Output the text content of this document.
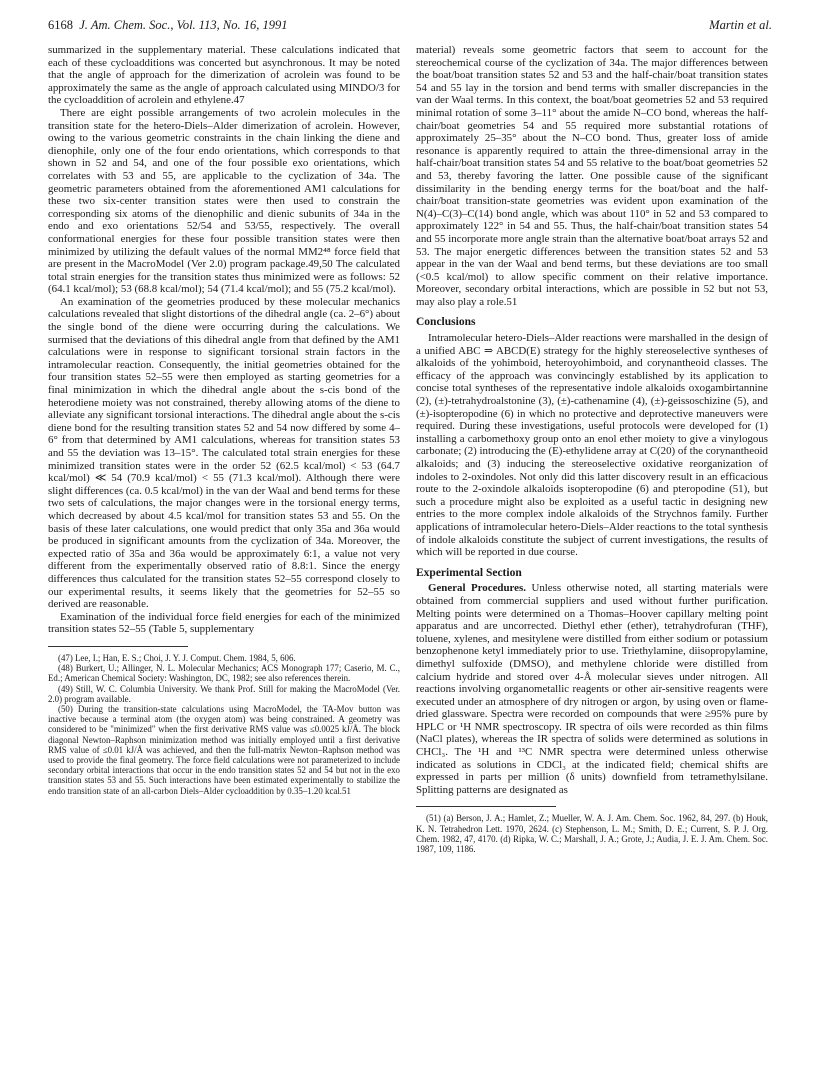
6168 J. Am. Chem. Soc., Vol. 113, No. 16, 1991	Martin et al.

summarized in the supplementary material. These calculations indicated that each of these cycloadditions was concerted but asynchronous. It may be noted that the angle of approach for the dimerization of acrolein was found to be approximately the same as the angle of approach calculated using MINDO/3 for the cycloaddition of acrolein and ethylene.47

There are eight possible arrangements of two acrolein molecules in the transition state for the hetero-Diels–Alder dimerization of acrolein. However, owing to the various geometric constraints in the chain linking the diene and dienophile, only one of the four endo orientations, which corresponds to that shown in 52 and 54, and one of the four possible exo orientations, which correlates with 53 and 55, are applicable to the cyclization of 34a. The geometric parameters obtained from the aforementioned AM1 calculations for these two six-center transition states were then used to constrain the corresponding six atoms of the dienophilic and dienic subunits of 34a in the endo and exo orientations 52/54 and 53/55, respectively. The overall conformational energies for these four possible transition states were then minimized by utilizing the default values of the normal MM2⁴⁸ force field that are present in the MacroModel (Ver 2.0) program package.49,50 The calculated total strain energies for the transition states thus minimized were as follows: 52 (64.1 kcal/mol); 53 (68.8 kcal/mol); 54 (71.4 kcal/mol); and 55 (75.2 kcal/mol).

An examination of the geometries produced by these molecular mechanics calculations revealed that slight distortions of the dihedral angle (ca. 2–6°) about the single bond of the diene were occurring during the calculations. We surmised that the deviations of this dihedral angle from that defined by the AM1 calculations were in response to significant torsional strain factors in the intramolecular reaction. Consequently, the initial geometries obtained for the four transition states 52–55 were then employed as starting geometries for a final minimization in which the dihedral angle about the s-cis bond of the heterodiene moiety was not constrained, thereby allowing atoms of the diene to alleviate any significant torsional interactions. The dihedral angle about the s-cis diene bond for the resulting transition states 52 and 54 now differed by some 4–6° from that determined by AM1 calculations, whereas for transition states 53 and 55 the deviation was 13–15°. The calculated total strain energies for these minimized transition states were in the order 52 (62.5 kcal/mol) < 53 (64.7 kcal/mol) ≪ 54 (70.9 kcal/mol) < 55 (71.3 kcal/mol). Although there were slight differences (ca. 0.5 kcal/mol) in the van der Waal and bend terms for these two sets of calculations, the major changes were in the torsional energy terms, which decreased by about 4.5 kcal/mol for transition states 53 and 55. On the basis of these later calculations, one would predict that only 35a and 36a would be produced in significant amounts from the cyclization of 34a. Moreover, the expected ratio of 35a and 36a would be approximately 6:1, a value not very different from the experimentally observed ratio of 8.8:1. Since the energy differences thus calculated for the transition states 52–55 correspond closely to our experimental results, it seems likely that the geometries for 52–55 so derived are reasonable.

Examination of the individual force field energies for each of the minimized transition states 52–55 (Table 5, supplementary

(47) Lee, I.; Han, E. S.; Choi, J. Y. J. Comput. Chem. 1984, 5, 606.

(48) Burkert, U.; Allinger, N. L. Molecular Mechanics; ACS Monograph 177; Caserio, M. C., Ed.; American Chemical Society: Washington, DC, 1982; see also references therein.

(49) Still, W. C. Columbia University. We thank Prof. Still for making the MacroModel (Ver. 2.0) program available.

(50) During the transition-state calculations using MacroModel, the TA-Mov button was inactive because a terminal atom (the oxygen atom) was being constrained. A geometry was considered to be "minimized" when the first derivative RMS value was ≤0.0025 kJ/Å. The block diagonal Newton–Raphson minimization method was initially employed until a first derivative RMS value of ≤0.01 kJ/Å was achieved, and then the full-matrix Newton–Raphson method was used to provide the final geometry. The force field calculations were not parameterized to include secondary orbital interactions that occur in the endo transition states 52 and 54 but not in the exo transition states 53 and 55. Such interactions have been estimated experimentally to stabilize the endo transition state of an all-carbon Diels–Alder cycloaddition by 0.35–1.20 kcal.51

material) reveals some geometric factors that seem to account for the stereochemical course of the cyclization of 34a. The major differences between the boat/boat transition states 52 and 53 and the half-chair/boat transition states 54 and 55 lay in the torsion and bend terms with smaller discrepancies in the van der Waal terms. In this context, the boat/boat geometries 52 and 53 required minimal rotation of some 3–11° about the amide N–CO bond, whereas the half-chair/boat geometries 54 and 55 required more substantial rotations of approximately 25–35° about the N–CO bond. Thus, greater loss of amide resonance is apparently required to attain the three-dimensional array in the half-chair/boat transition states 54 and 55 relative to the boat/boat geometries 52 and 53, thereby favoring the latter. One possible cause of the significant dissimilarity in the bending energy terms for the boat/boat and the half-chair/boat transition-state geometries was evident upon examination of the N(4)–C(3)–C(14) bond angle, which was about 110° in 52 and 53 compared to approximately 122° in 54 and 55. Thus, the half-chair/boat transition states 54 and 55 incorporate more angle strain than the alternative boat/boat arrays 52 and 53. The major energetic differences between the transition states 52 and 53 appear in the van der Waal and bend terms, but these deviations are too small (<0.5 kcal/mol) to allow specific comment on their relative importance. Moreover, secondary orbital interactions, which are possible in 52 but not 53, may also play a role.51

Conclusions

Intramolecular hetero-Diels–Alder reactions were marshalled in the design of a unified ABC ⇒ ABCD(E) strategy for the highly stereoselective syntheses of alkaloids of the yohimboid, heteroyohimboid, and corynantheoid classes. The efficacy of the approach was convincingly established by its application to concise total syntheses of the representative indole alkaloids oxogambirtannine (2), (±)-tetrahydroalstonine (3), (±)-cathenamine (4), (±)-geissoschizine (5), and (±)-isopteropodine (6) in which no protective and deprotective maneuvers were required. During these investigations, useful protocols were developed for (1) installing a carbomethoxy group onto an enol ether moiety to give a vinylogous carbonate; (2) introducing the (E)-ethylidene array at C(20) of the corynantheoid alkaloids; and (3) inducing the stereoselective oxidative reorganization of indoles to 2-oxindoles. Not only did this latter discovery result in an efficacious route to the 2-oxindole alkaloids isopteropodine (6) and pteropodine (51), but such a procedure might also be exploited as a useful tactic in designing new entries to the more complex indole alkaloids of the Strychnos family. Further applications of intramolecular hetero-Diels–Alder reactions to the total synthesis of indole alkaloids constitute the subject of current investigations, the results of which will be reported in due course.

Experimental Section

General Procedures. Unless otherwise noted, all starting materials were obtained from commercial suppliers and used without further purification. Melting points were determined on a Thomas–Hoover capillary melting point apparatus and are uncorrected. Diethyl ether (ether), tetrahydrofuran (THF), toluene, xylenes, and mesitylene were distilled from either sodium or potassium benzophenone ketyl immediately prior to use. Triethylamine, diisopropylamine, dimethyl sulfoxide (DMSO), and methylene chloride were distilled from calcium hydride and stored over 4-Å molecular sieves under nitrogen. All reactions involving organometallic reagents or other air-sensitive reagents were executed under an atmosphere of dry nitrogen or argon, by using oven or flame-dried glassware. Spectra were recorded on compounds that were ≥95% pure by HPLC or ¹H NMR spectroscopy. IR spectra of oils were recorded as thin films (NaCl plates), whereas the IR spectra of solids were determined as solutions in CHCl₃. The ¹H and ¹³C NMR spectra were determined unless otherwise indicated as solutions in CDCl₃ at the indicated field; chemical shifts are expressed in parts per million (δ units) downfield from tetramethylsilane. Splitting patterns are designated as

(51) (a) Berson, J. A.; Hamlet, Z.; Mueller, W. A. J. Am. Chem. Soc. 1962, 84, 297. (b) Houk, K. N. Tetrahedron Lett. 1970, 2624. (c) Stephenson, L. M.; Smith, D. E.; Current, S. P. J. Org. Chem. 1982, 47, 4170. (d) Ripka, W. C.; Marshall, J. A.; Grote, J.; Audia, J. E. J. Am. Chem. Soc. 1987, 109, 1186.
